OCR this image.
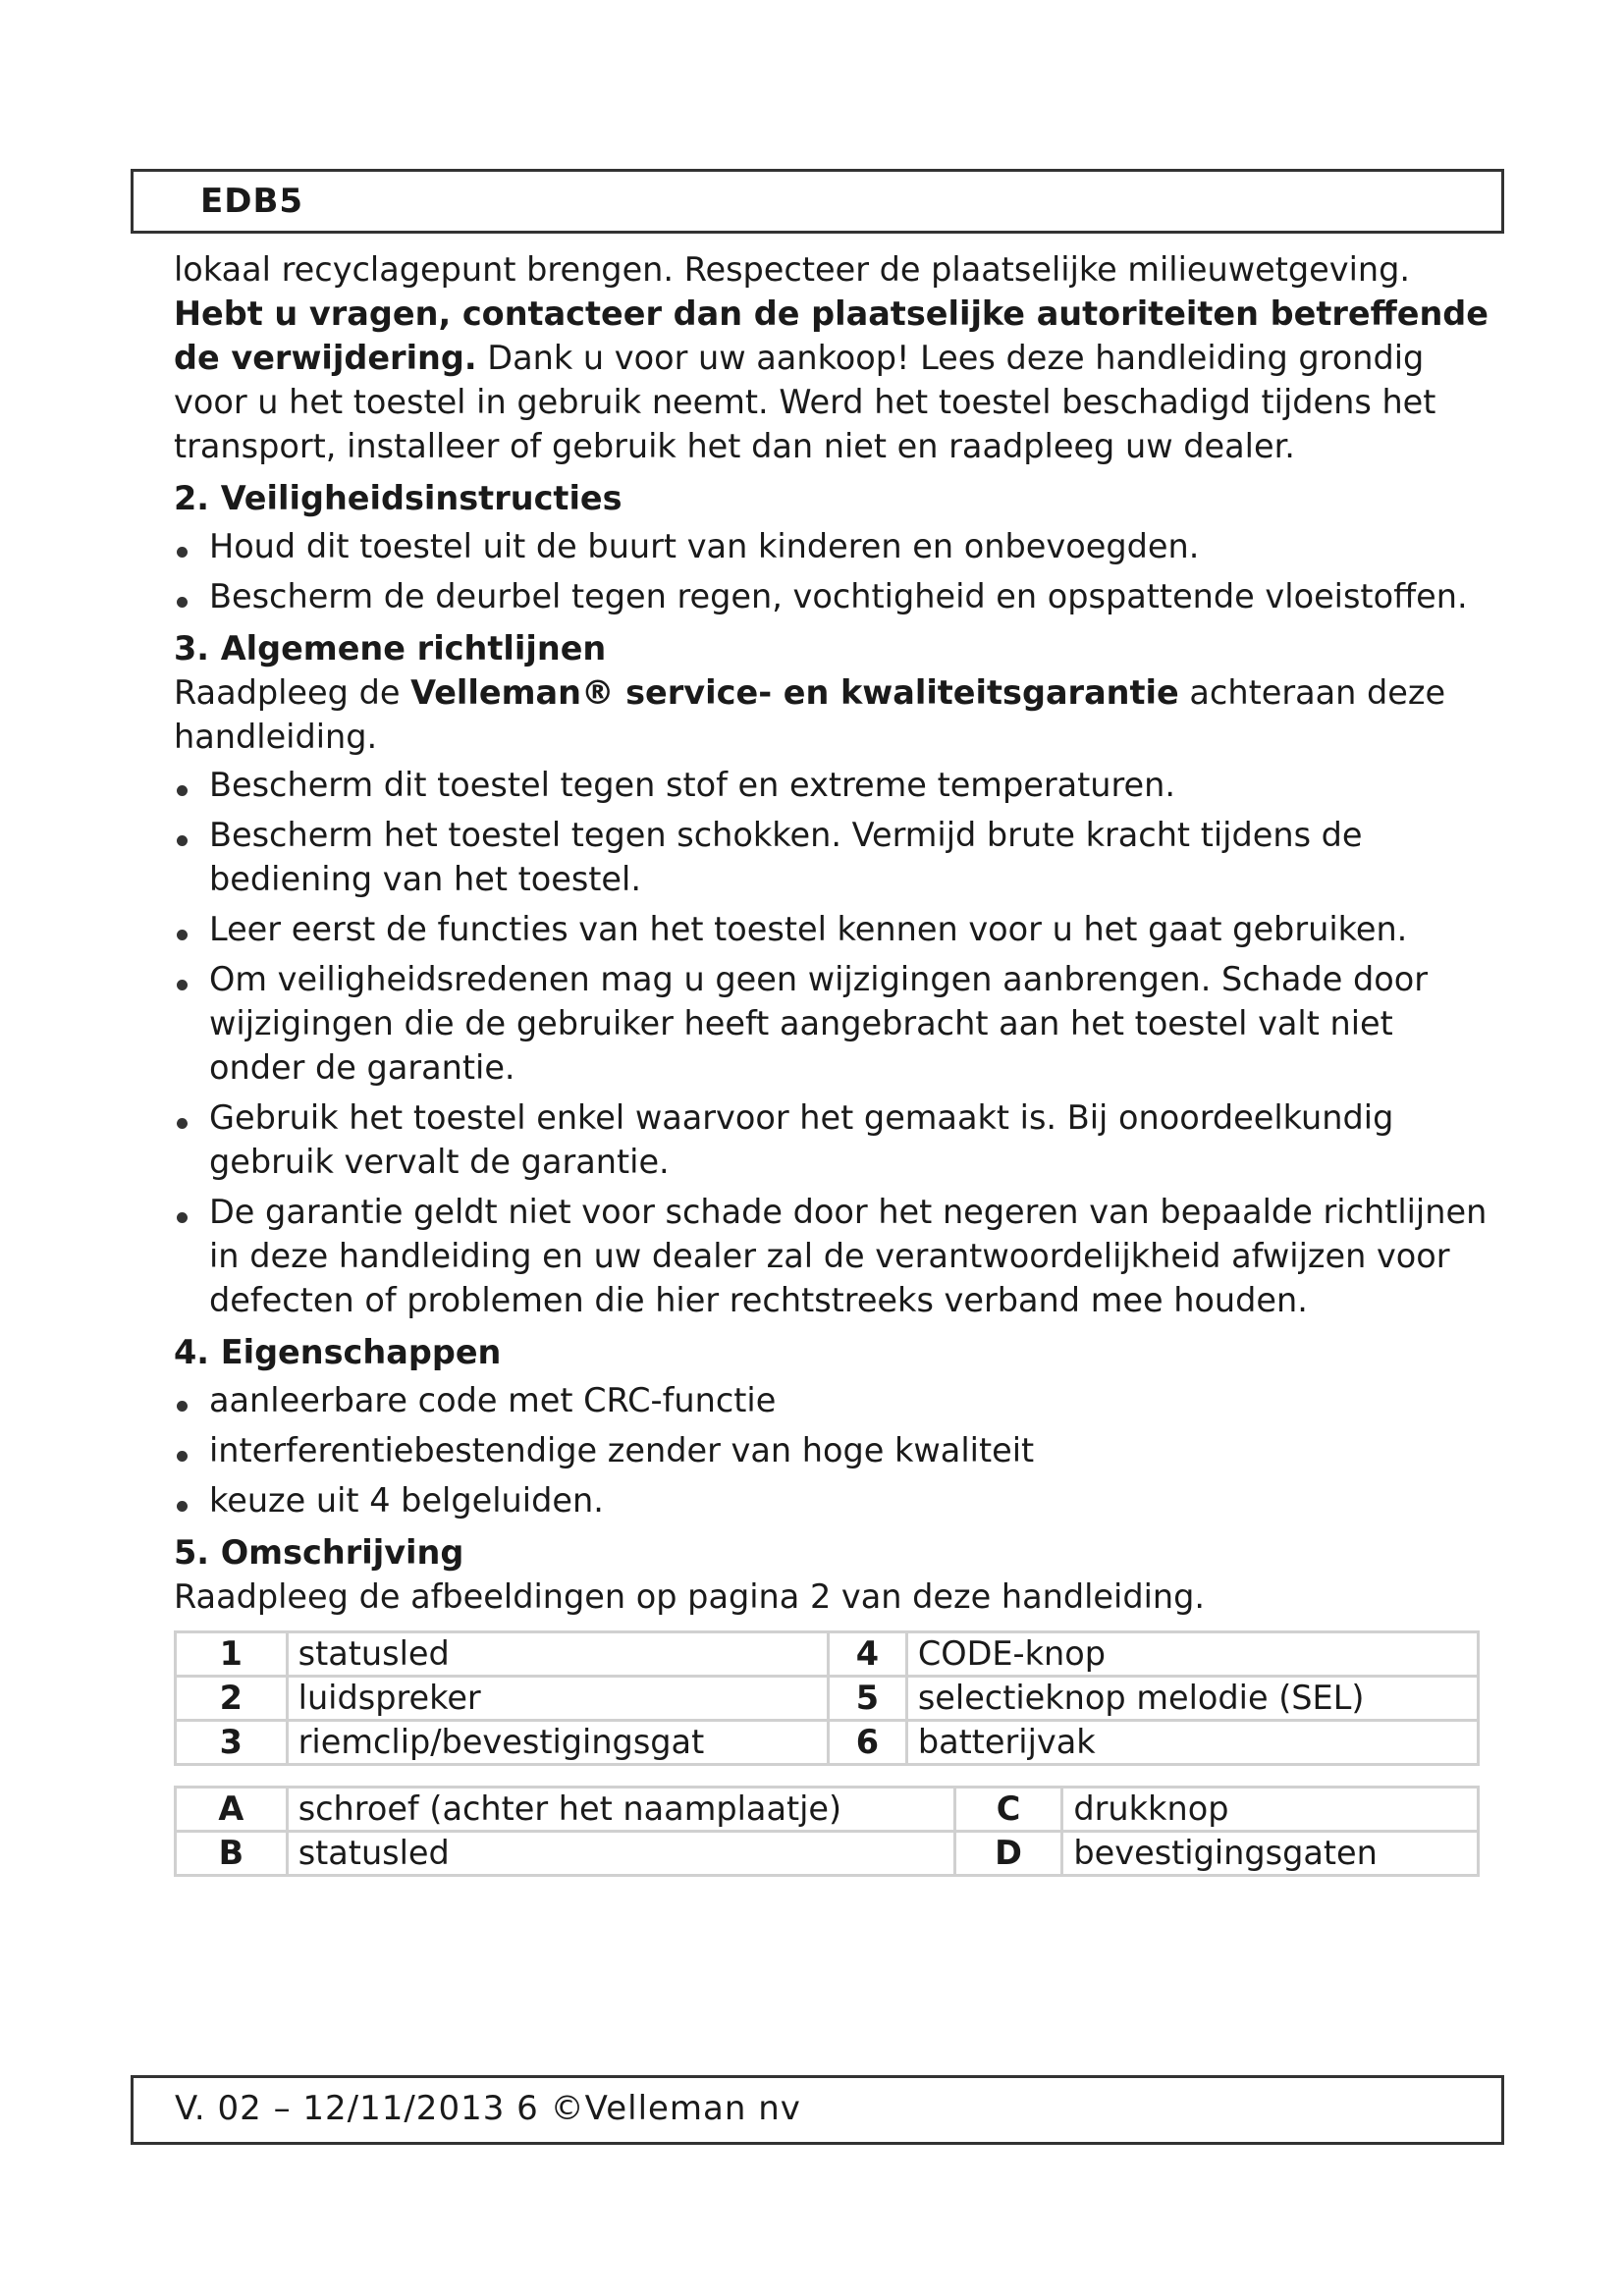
EDB5

lokaal recyclagepunt brengen. Respecteer de plaatselijke milieuwetgeving. Hebt u vragen, contacteer dan de plaatselijke autoriteiten betreffende de verwijdering. Dank u voor uw aankoop! Lees deze handleiding grondig voor u het toestel in gebruik neemt. Werd het toestel beschadigd tijdens het transport, installeer of gebruik het dan niet en raadpleeg uw dealer.

2. Veiligheidsinstructies

Houd dit toestel uit de buurt van kinderen en onbevoegden.
Bescherm de deurbel tegen regen, vochtigheid en opspattende vloeistoffen.

3. Algemene richtlijnen

Raadpleeg de Velleman® service- en kwaliteitsgarantie achteraan deze handleiding.

Bescherm dit toestel tegen stof en extreme temperaturen.
Bescherm het toestel tegen schokken. Vermijd brute kracht tijdens de bediening van het toestel.
Leer eerst de functies van het toestel kennen voor u het gaat gebruiken.
Om veiligheidsredenen mag u geen wijzigingen aanbrengen. Schade door wijzigingen die de gebruiker heeft aangebracht aan het toestel valt niet onder de garantie.
Gebruik het toestel enkel waarvoor het gemaakt is. Bij onoordeelkundig gebruik vervalt de garantie.
De garantie geldt niet voor schade door het negeren van bepaalde richtlijnen in deze handleiding en uw dealer zal de verantwoordelijkheid afwijzen voor defecten of problemen die hier rechtstreeks verband mee houden.

4. Eigenschappen

aanleerbare code met CRC-functie
interferentiebestendige zender van hoge kwaliteit
keuze uit 4 belgeluiden.

5. Omschrijving

Raadpleeg de afbeeldingen op pagina 2 van deze handleiding.

1	statusled	4	CODE-knop
2	luidspreker	5	selectieknop melodie (SEL)
3	riemclip/bevestigingsgat	6	batterijvak
A	schroef (achter het naamplaatje)	C	drukknop
B	statusled	D	bevestigingsgaten
V. 02 – 12/11/2013 6 ©Velleman nv
